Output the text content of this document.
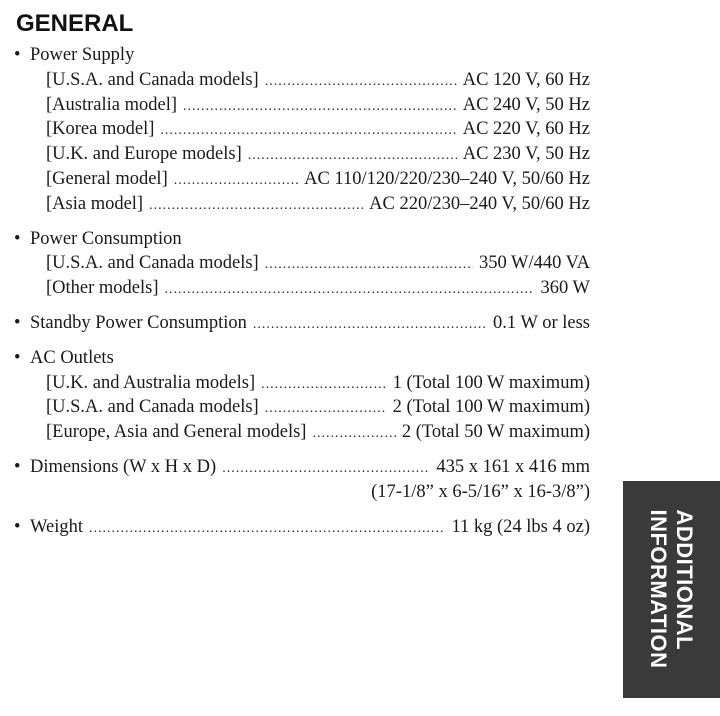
GENERAL
• Power Supply
[U.S.A. and Canada models] .....	AC 120 V, 60 Hz
[Australia model] .....	AC 240 V, 50 Hz
[Korea model] .....	AC 220 V, 60 Hz
[U.K. and Europe models] .....	AC 230 V, 50 Hz
[General model] .....	AC 110/120/220/230–240 V, 50/60 Hz
[Asia model] .....	AC 220/230–240 V, 50/60 Hz
• Power Consumption
[U.S.A. and Canada models] .....	350 W/440 VA
[Other models] .....	360 W
• Standby Power Consumption .....	0.1 W or less
• AC Outlets
[U.K. and Australia models] .....	1 (Total 100 W maximum)
[U.S.A. and Canada models] .....	2 (Total 100 W maximum)
[Europe, Asia and General models] .....	2 (Total 50 W maximum)
• Dimensions (W x H x D) .....	435 x 161 x 416 mm
(17-1/8” x 6-5/16” x 16-3/8”)
• Weight .....	11 kg (24 lbs 4 oz)	ADDITIONAL
INFORMATION
